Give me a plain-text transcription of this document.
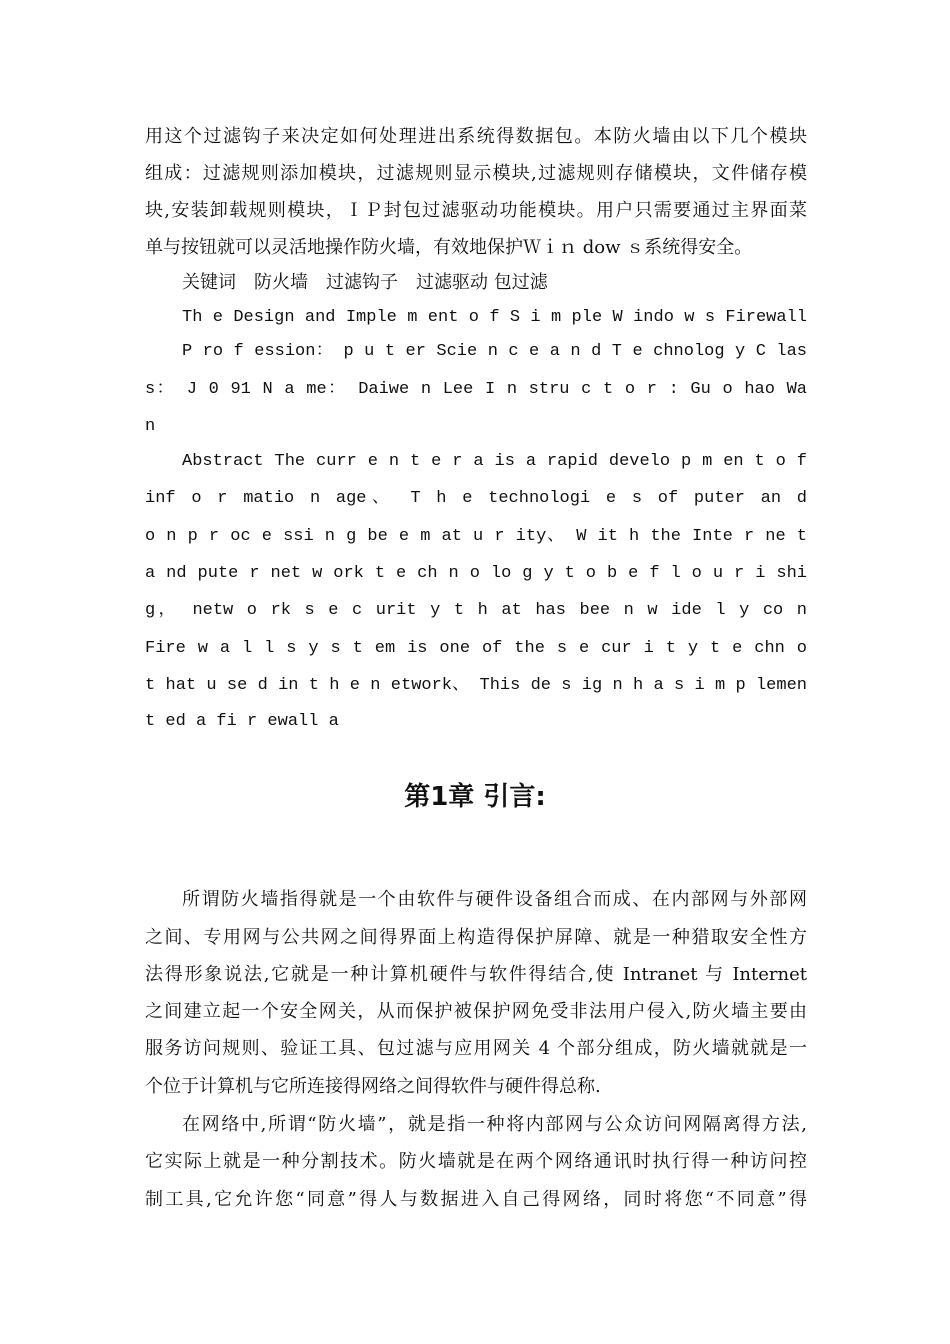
用这个过滤钩子来决定如何处理进出系统得数据包。本防火墙由以下几个模块
组成：过滤规则添加模块，过滤规则显示模块,过滤规则存储模块，文件储存模
块,安装卸载规则模块，ＩＰ封包过滤驱动功能模块。用户只需要通过主界面菜
单与按钮就可以灵活地操作防火墙，有效地保护Ｗｉｎ dow ｓ系统得安全。
关键词　防火墙　过滤钩子　过滤驱动 包过滤
Th e Design and Imple m ent o f S i m ple W indo w s Firewall
P ro f ession： p u t er Scie n c e a n d T e chnolog y C las
s： J 0 91 N a me： Daiwe n Lee I n stru c t o r : Gu o hao Wa
n
Abstract The curr e n t e r a is a rapid develo p m en t o f
inf o r matio n age、 T h e technologi e s of puter an d
o n p r oc e ssi n g be e m at u r ity、 W it h the Inte r ne t
a nd pute r net w ork t e ch n o lo g y t o b e f l o u r i shi
g， netw o rk s e c urit y t h at has bee n w ide l y co n
Fire w a l l s y s t em is one of the s e cur i t y t e chn o
t hat u se d in t h e n etwork、 This de s ig n h a s i m p lemen
t ed a fi r ewall a
第1章 引言:
所谓防火墙指得就是一个由软件与硬件设备组合而成、在内部网与外部网
之间、专用网与公共网之间得界面上构造得保护屏障、就是一种猎取安全性方
法得形象说法,它就是一种计算机硬件与软件得结合,使 Intranet 与 Internet
之间建立起一个安全网关，从而保护被保护网免受非法用户侵入,防火墙主要由
服务访问规则、验证工具、包过滤与应用网关 4 个部分组成，防火墙就就是一
个位于计算机与它所连接得网络之间得软件与硬件得总称.
在网络中,所谓“防火墙”，就是指一种将内部网与公众访问网隔离得方法,
它实际上就是一种分割技术。防火墙就是在两个网络通讯时执行得一种访问控
制工具,它允许您“同意”得人与数据进入自己得网络，同时将您“不同意”得
